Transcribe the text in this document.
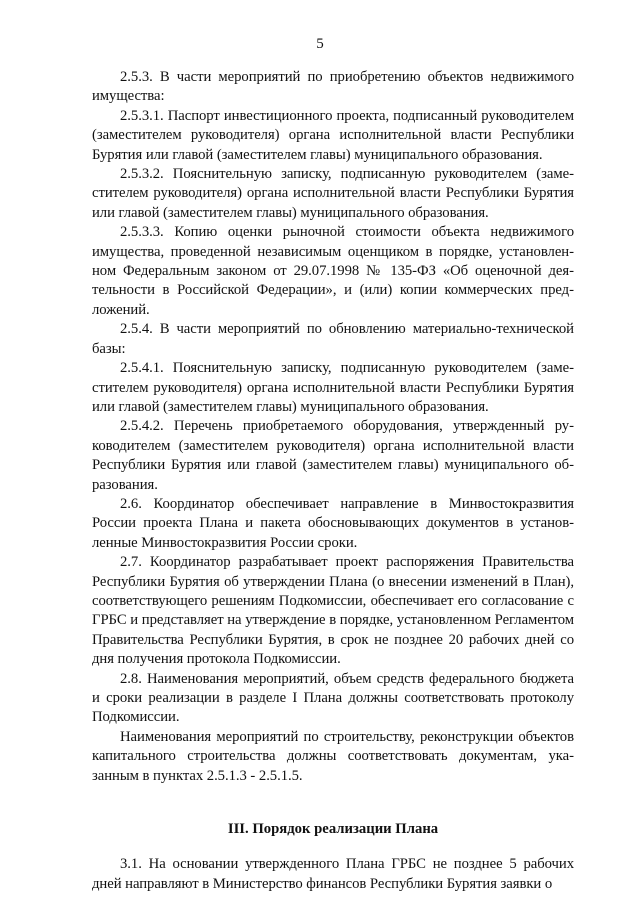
5

2.5.3. В части мероприятий по приобретению объектов недвижимого имущества:

2.5.3.1. Паспорт инвестиционного проекта, подписанный руководителем (заместителем руководителя) органа исполнительной власти Республики Бурятия или главой (заместителем главы) муниципального образования.

2.5.3.2. Пояснительную записку, подписанную руководителем (заместителем руководителя) органа исполнительной власти Республики Бурятия или главой (заместителем главы) муниципального образования.

2.5.3.3. Копию оценки рыночной стоимости объекта недвижимого имущества, проведенной независимым оценщиком в порядке, установленном Федеральным законом от 29.07.1998 № 135-ФЗ «Об оценочной деятельности в Российской Федерации», и (или) копии коммерческих предложений.

2.5.4. В части мероприятий по обновлению материально-технической базы:

2.5.4.1. Пояснительную записку, подписанную руководителем (заместителем руководителя) органа исполнительной власти Республики Бурятия или главой (заместителем главы) муниципального образования.

2.5.4.2. Перечень приобретаемого оборудования, утвержденный руководителем (заместителем руководителя) органа исполнительной власти Республики Бурятия или главой (заместителем главы) муниципального образования.

2.6. Координатор обеспечивает направление в Минвостокразвития России проекта Плана и пакета обосновывающих документов в установленные Минвостокразвития России сроки.

2.7. Координатор разрабатывает проект распоряжения Правительства Республики Бурятия об утверждении Плана (о внесении изменений в План), соответствующего решениям Подкомиссии, обеспечивает его согласование с ГРБС и представляет на утверждение в порядке, установленном Регламентом Правительства Республики Бурятия, в срок не позднее 20 рабочих дней со дня получения протокола Подкомиссии.

2.8. Наименования мероприятий, объем средств федерального бюджета и сроки реализации в разделе I Плана должны соответствовать протоколу Подкомиссии.

Наименования мероприятий по строительству, реконструкции объектов капитального строительства должны соответствовать документам, указанным в пунктах 2.5.1.3 - 2.5.1.5.

III. Порядок реализации Плана

3.1. На основании утвержденного Плана ГРБС не позднее 5 рабочих дней направляют в Министерство финансов Республики Бурятия заявки о
